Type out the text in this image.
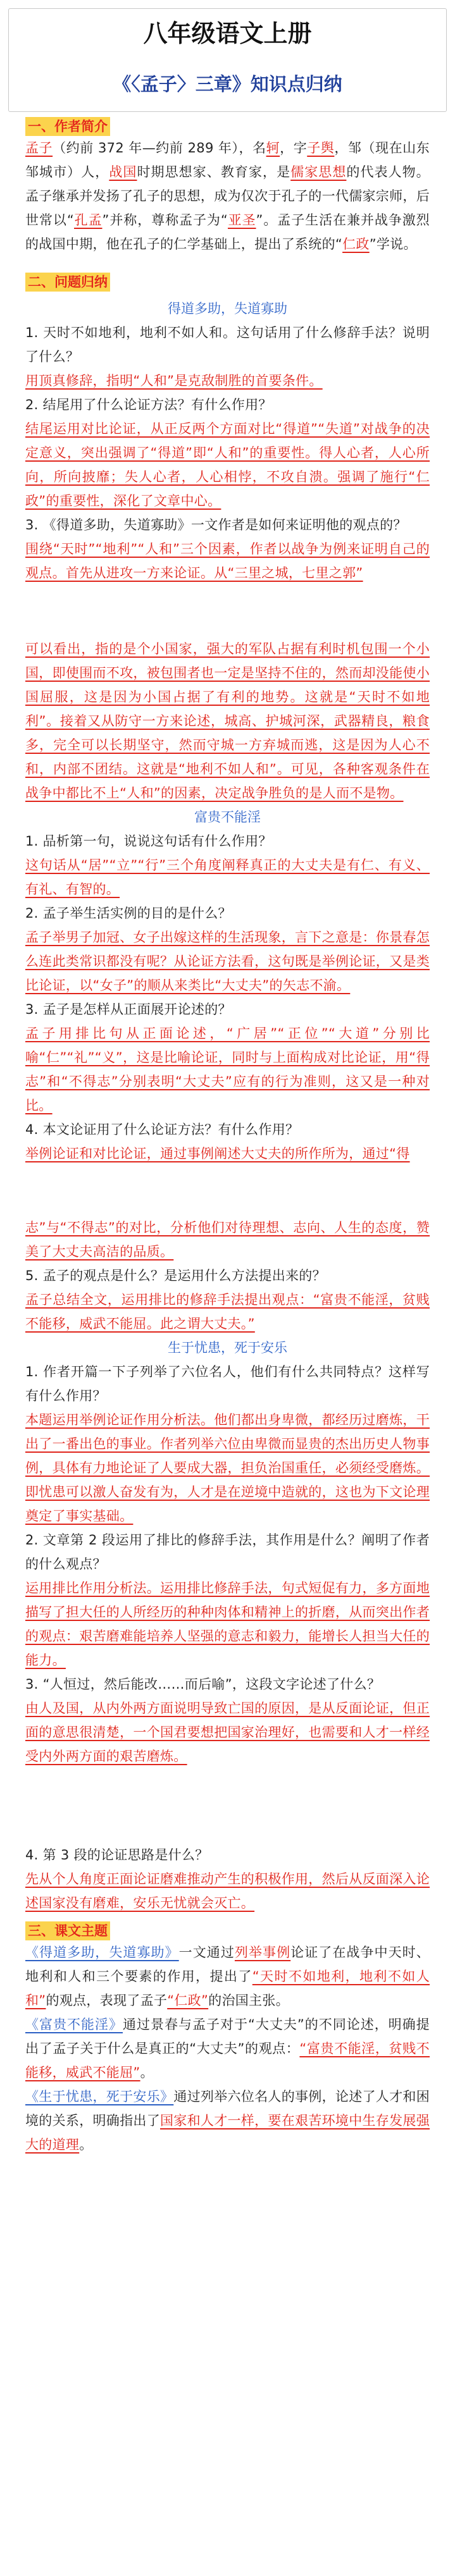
八年级语文上册
《〈孟子〉三章》知识点归纳
一、作者简介

孟子（约前 372 年—约前 289 年），名轲，字子舆，邹（现在山东邹城市）人，战国时期思想家、教育家，是儒家思想的代表人物。孟子继承并发扬了孔子的思想，成为仅次于孔子的一代儒家宗师，后世常以“孔孟”并称，尊称孟子为“亚圣”。孟子生活在兼并战争激烈的战国中期，他在孔子的仁学基础上，提出了系统的“仁政”学说。

二、问题归纳
得道多助，失道寡助

1. 天时不如地利，地利不如人和。这句话用了什么修辞手法？说明了什么？

用顶真修辞，指明“人和”是克敌制胜的首要条件。

2. 结尾用了什么论证方法？有什么作用？

结尾运用对比论证，从正反两个方面对比“得道”“失道”对战争的决定意义，突出强调了“得道”即“人和”的重要性。得人心者，人心所向，所向披靡；失人心者，人心相悖，不攻自溃。强调了施行“仁政”的重要性，深化了文章中心。

3. 《得道多助，失道寡助》一文作者是如何来证明他的观点的？

围绕“天时”“地利”“人和”三个因素，作者以战争为例来证明自己的观点。首先从进攻一方来论证。从“三里之城，七里之郭”

可以看出，指的是个小国家，强大的军队占据有利时机包围一个小国，即使围而不攻，被包围者也一定是坚持不住的，然而却没能使小国屈服，这是因为小国占据了有利的地势。这就是“天时不如地利”。接着又从防守一方来论述，城高、护城河深，武器精良，粮食多，完全可以长期坚守，然而守城一方弃城而逃，这是因为人心不和，内部不团结。这就是“地利不如人和”。可见，各种客观条件在战争中都比不上“人和”的因素，决定战争胜负的是人而不是物。

富贵不能淫

1. 品析第一句，说说这句话有什么作用？

这句话从“居”“立”“行”三个角度阐释真正的大丈夫是有仁、有义、有礼、有智的。

2. 孟子举生活实例的目的是什么？

孟子举男子加冠、女子出嫁这样的生活现象，言下之意是：你景春怎么连此类常识都没有呢？从论证方法看，这句既是举例论证，又是类比论证，以“女子”的顺从来类比“大丈夫”的矢志不渝。

3. 孟子是怎样从正面展开论述的？

孟子用排比句从正面论述，“广居”“正位”“大道”分别比喻“仁”“礼”“义”，这是比喻论证，同时与上面构成对比论证，用“得志”和“不得志”分别表明“大丈夫”应有的行为准则，这又是一种对比。

4. 本文论证用了什么论证方法？有什么作用？

举例论证和对比论证，通过事例阐述大丈夫的所作所为，通过“得

志”与“不得志”的对比，分析他们对待理想、志向、人生的态度，赞美了大丈夫高洁的品质。

5. 孟子的观点是什么？是运用什么方法提出来的？

孟子总结全文，运用排比的修辞手法提出观点：“富贵不能淫，贫贱不能移，威武不能屈。此之谓大丈夫。”

生于忧患，死于安乐

1. 作者开篇一下子列举了六位名人，他们有什么共同特点？这样写有什么作用？

本题运用举例论证作用分析法。他们都出身卑微，都经历过磨炼，干出了一番出色的事业。作者列举六位由卑微而显贵的杰出历史人物事例，具体有力地论证了人要成大器，担负治国重任，必须经受磨炼。即忧患可以激人奋发有为，人才是在逆境中造就的，这也为下文论理奠定了事实基础。

2. 文章第 2 段运用了排比的修辞手法，其作用是什么？阐明了作者的什么观点？

运用排比作用分析法。运用排比修辞手法，句式短促有力，多方面地描写了担大任的人所经历的种种肉体和精神上的折磨，从而突出作者的观点：艰苦磨难能培养人坚强的意志和毅力，能增长人担当大任的能力。

3. “人恒过，然后能改……而后喻”，这段文字论述了什么？

由人及国，从内外两方面说明导致亡国的原因，是从反面论证，但正面的意思很清楚，一个国君要想把国家治理好，也需要和人才一样经受内外两方面的艰苦磨炼。

4. 第 3 段的论证思路是什么？

先从个人角度正面论证磨难推动产生的积极作用，然后从反面深入论述国家没有磨难，安乐无忧就会灭亡。

三、课文主题

《得道多助，失道寡助》一文通过列举事例论证了在战争中天时、地利和人和三个要素的作用，提出了“天时不如地利，地利不如人和”的观点，表现了孟子“仁政”的治国主张。

《富贵不能淫》通过景春与孟子对于“大丈夫”的不同论述，明确提出了孟子关于什么是真正的“大丈夫”的观点：“富贵不能淫，贫贱不能移，威武不能屈”。

《生于忧患，死于安乐》通过列举六位名人的事例，论述了人才和困境的关系，明确指出了国家和人才一样，要在艰苦环境中生存发展强大的道理。
